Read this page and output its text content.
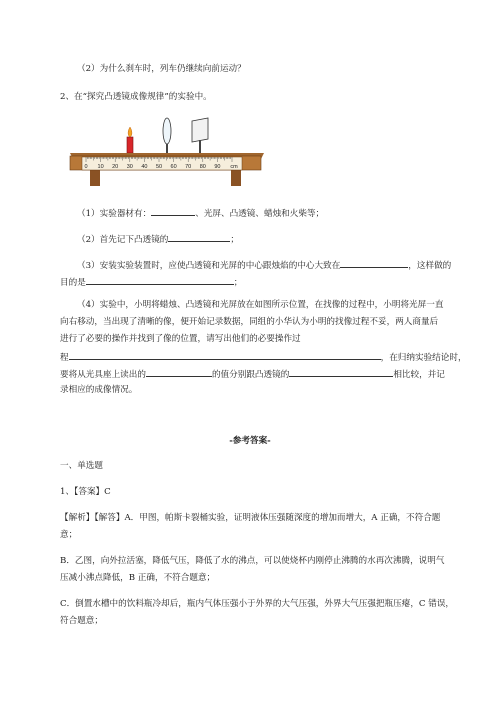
（2）为什么刹车时，列车仍继续向前运动？
2、在“探究凸透镜成像规律”的实验中。
0 10 20 30 40 50 60 70 80 90 cm
（1）实验器材有：	、光屏、凸透镜、蜡烛和火柴等；
（2）首先记下凸透镜的	；
（3）安装实验装置时，应使凸透镜和光屏的中心跟烛焰的中心大致在	，这样做的
目的是	；
（4）实验中，小明将蜡烛、凸透镜和光屏放在如图所示位置，在找像的过程中，小明将光屏一直
向右移动，当出现了清晰的像，便开始记录数据，同组的小华认为小明的找像过程不妥，两人商量后
进行了必要的操作并找到了像的位置，请写出他们的必要操作过
程	，在归纳实验结论时，
要将从光具座上读出的	的值分别跟凸透镜的	相比较，并记
录相应的成像情况。
-参考答案-
一、单选题
1、【答案】C
【解析】【解答】A．甲图，帕斯卡裂桶实验，证明液体压强随深度的增加而增大，A 正确，不符合题
意；
B．乙图，向外拉活塞，降低气压，降低了水的沸点，可以使烧杯内刚停止沸腾的水再次沸腾，说明气
压减小沸点降低，B 正确，不符合题意；
C．倒置水槽中的饮料瓶冷却后，瓶内气体压强小于外界的大气压强，外界大气压强把瓶压瘪，C 错误，
符合题意；
